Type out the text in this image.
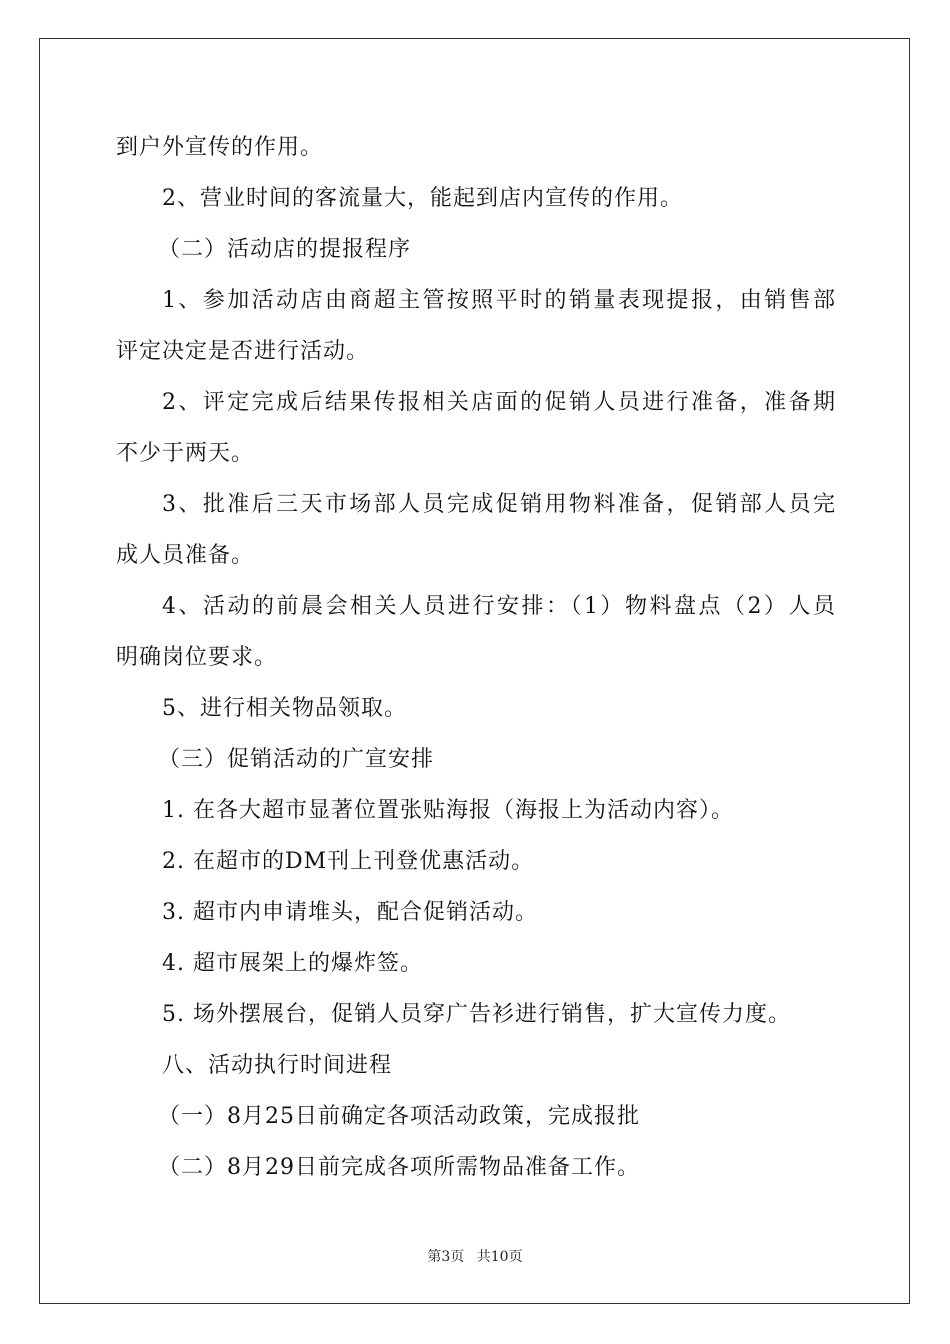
到户外宣传的作用。
2、营业时间的客流量大，能起到店内宣传的作用。
（二）活动店的提报程序
1、参加活动店由商超主管按照平时的销量表现提报，由销售部
评定决定是否进行活动。
2、评定完成后结果传报相关店面的促销人员进行准备，准备期
不少于两天。
3、批准后三天市场部人员完成促销用物料准备，促销部人员完
成人员准备。
4、活动的前晨会相关人员进行安排：（1）物料盘点（2）人员
明确岗位要求。
5、进行相关物品领取。
（三）促销活动的广宣安排
1. 在各大超市显著位置张贴海报（海报上为活动内容）。
2. 在超市的DM刊上刊登优惠活动。
3. 超市内申请堆头，配合促销活动。
4. 超市展架上的爆炸签。
5. 场外摆展台，促销人员穿广告衫进行销售，扩大宣传力度。
八、活动执行时间进程
（一）8月25日前确定各项活动政策，完成报批
（二）8月29日前完成各项所需物品准备工作。
第3页 共10页
